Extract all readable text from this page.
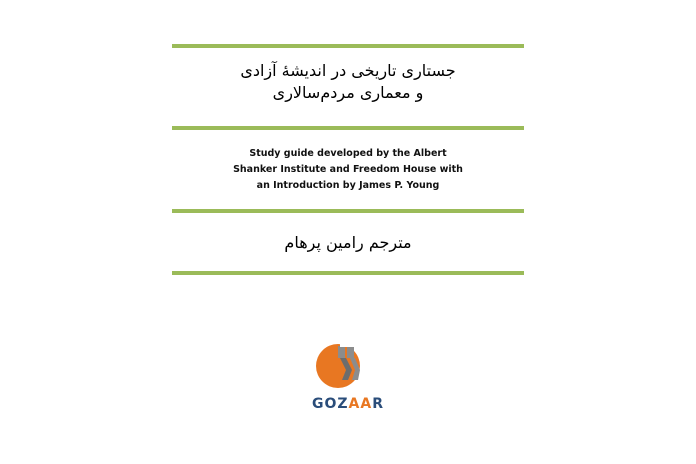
جستاری تاریخی در اندیشهٔ آزادی
و معماری مردم‌سالاری
Study guide developed by the Albert
Shanker Institute and Freedom House with
an Introduction by James P. Young
مترجم رامین پرهام
GOZAAR
